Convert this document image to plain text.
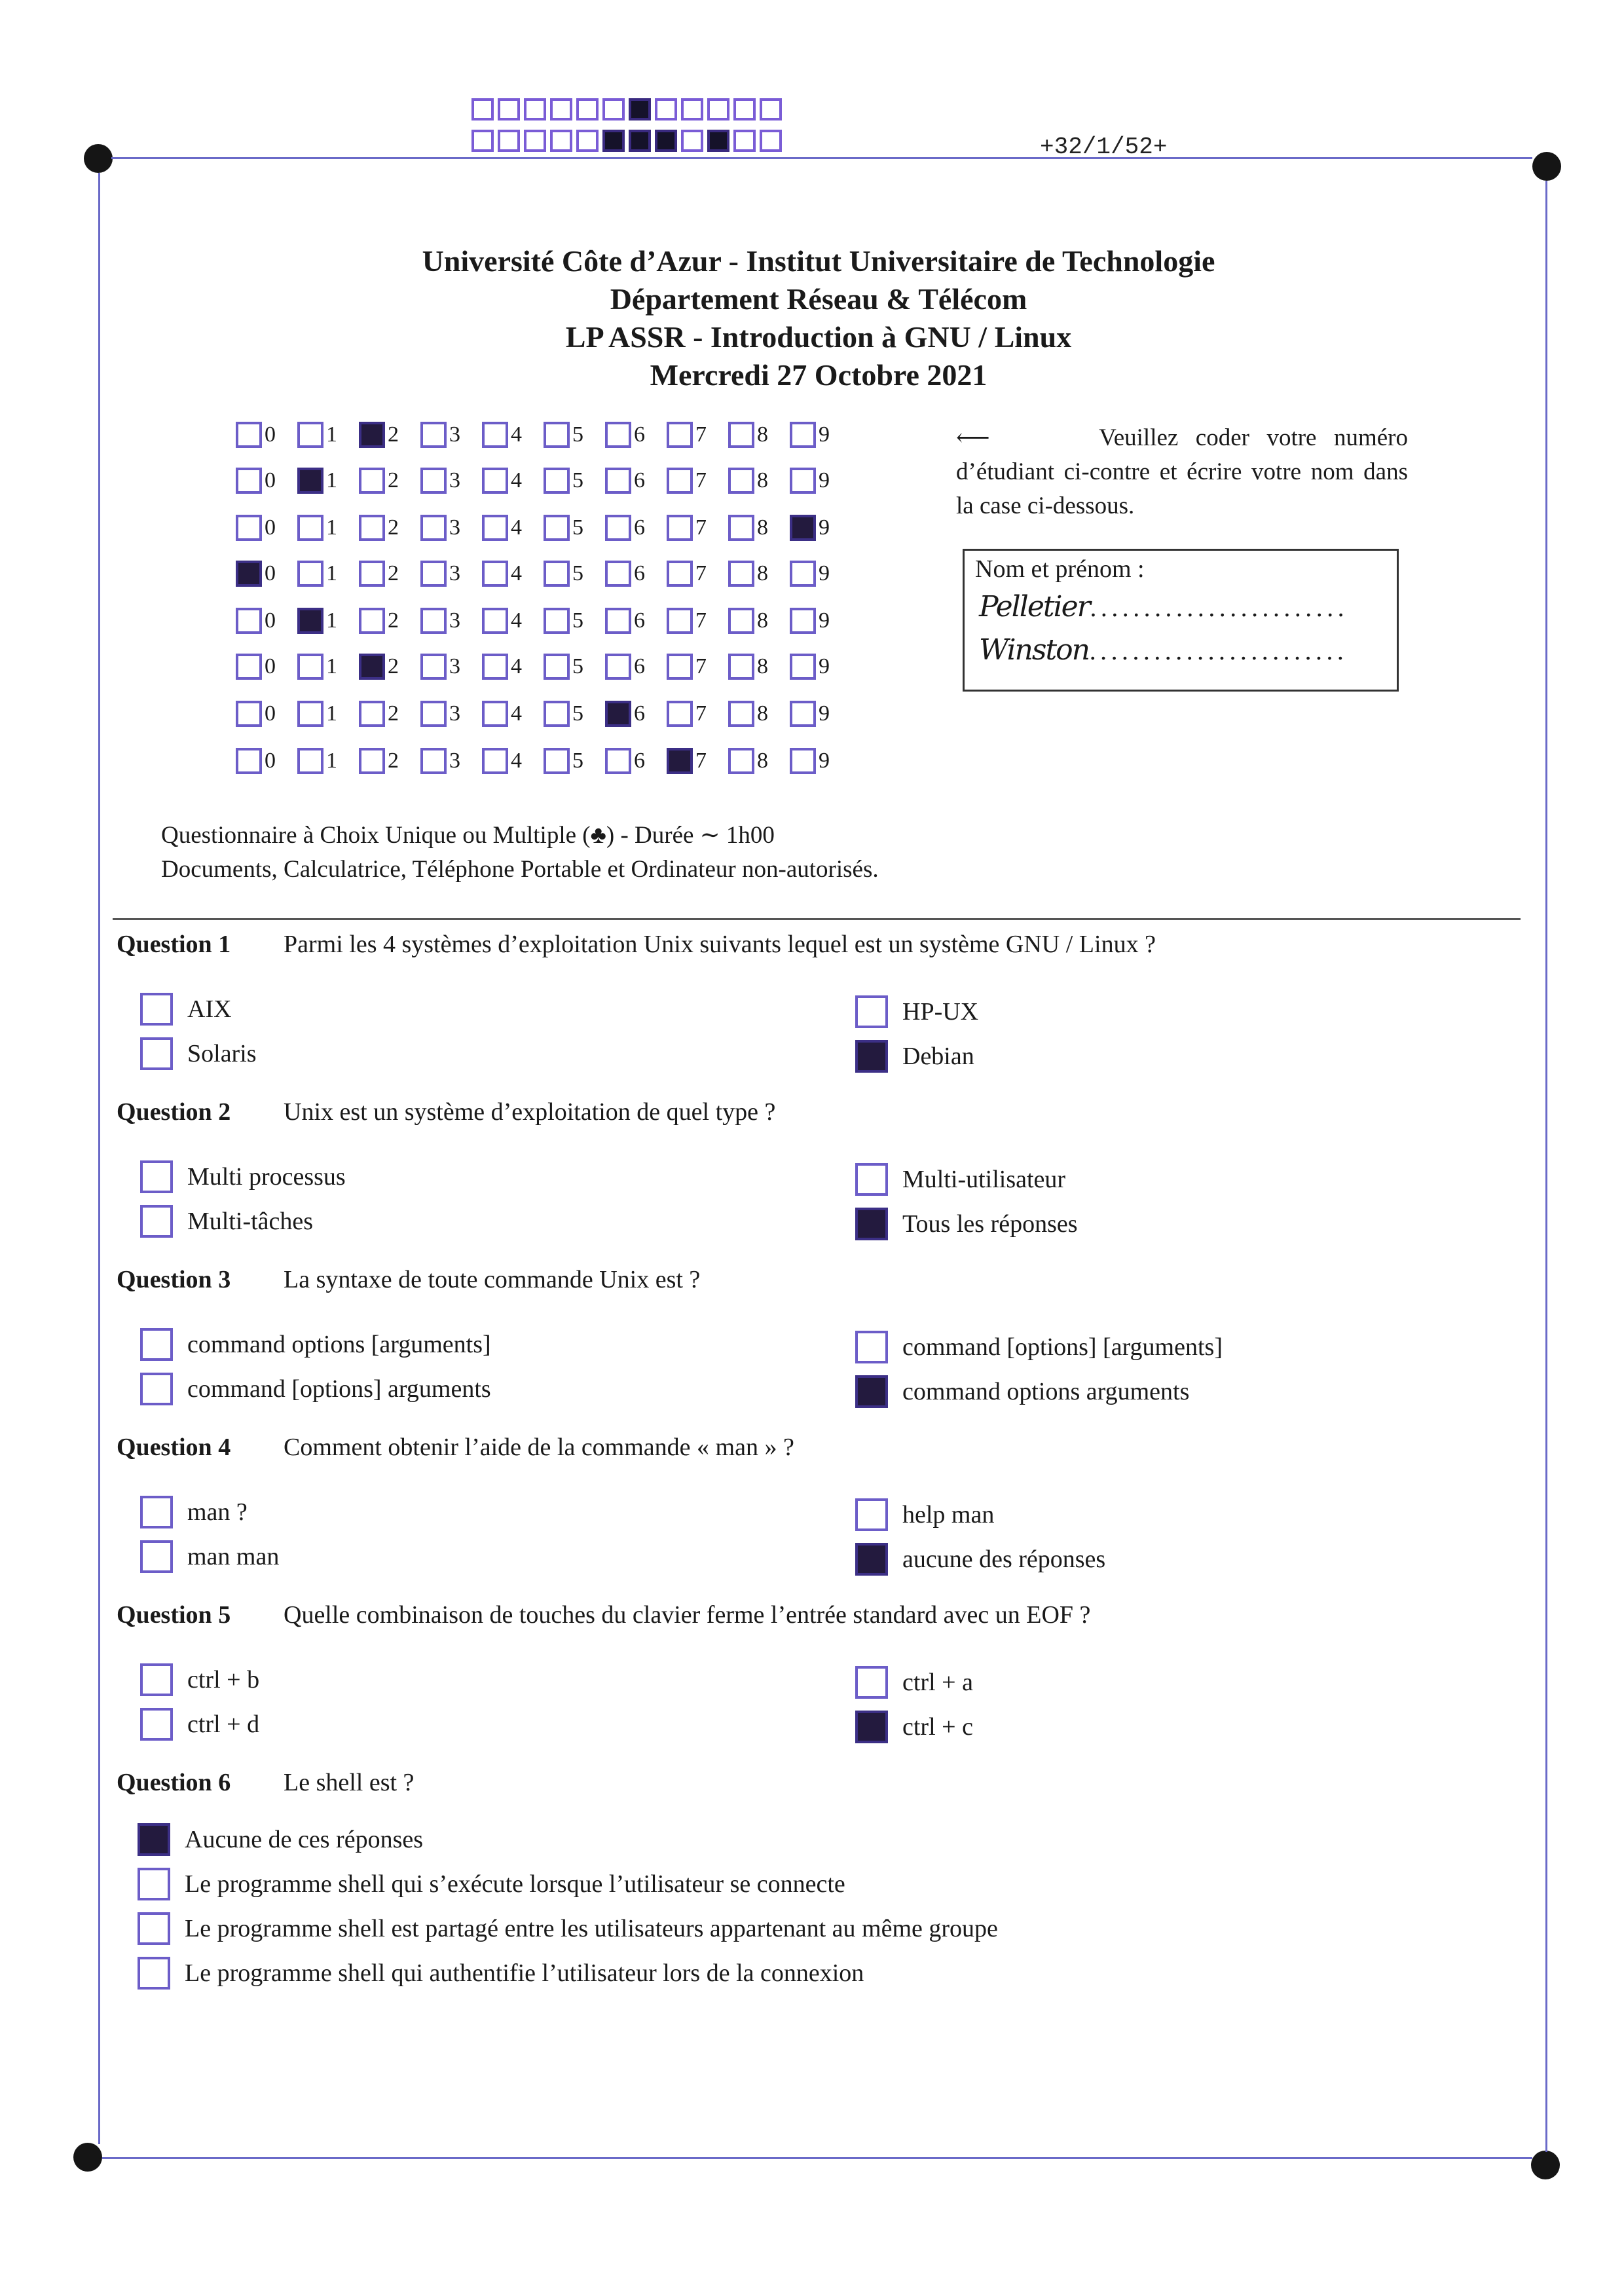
+32/1/52+
Université Côte d’Azur - Institut Universitaire de Technologie
Département Réseau & Télécom
LP ASSR - Introduction à GNU / Linux
Mercredi 27 Octobre 2021
0 1 2 3 4 5 6 7 8 9
0 1 2 3 4 5 6 7 8 9
0 1 2 3 4 5 6 7 8 9
0 1 2 3 4 5 6 7 8 9
0 1 2 3 4 5 6 7 8 9
0 1 2 3 4 5 6 7 8 9
0 1 2 3 4 5 6 7 8 9
0 1 2 3 4 5 6 7 8 9
⟵	Veuillez coder votre numéro d’étudiant ci-contre et écrire votre nom dans la case ci-dessous.
Nom et prénom :
Pelletier........................
Winston........................
Questionnaire à Choix Unique ou Multiple (♣) - Durée ∼ 1h00
Documents, Calculatrice, Téléphone Portable et Ordinateur non-autorisés.
Question 1	Parmi les 4 systèmes d’exploitation Unix suivants lequel est un système GNU / Linux ?
AIX
Solaris
HP-UX
Debian
Question 2	Unix est un système d’exploitation de quel type ?
Multi processus
Multi-tâches
Multi-utilisateur
Tous les réponses
Question 3	La syntaxe de toute commande Unix est ?
command options [arguments]
command [options] arguments
command [options] [arguments]
command options arguments
Question 4	Comment obtenir l’aide de la commande « man » ?
man ?
man man
help man
aucune des réponses
Question 5	Quelle combinaison de touches du clavier ferme l’entrée standard avec un EOF ?
ctrl + b
ctrl + d
ctrl + a
ctrl + c
Question 6	Le shell est ?
Aucune de ces réponses
Le programme shell qui s’exécute lorsque l’utilisateur se connecte
Le programme shell est partagé entre les utilisateurs appartenant au même groupe
Le programme shell qui authentifie l’utilisateur lors de la connexion
